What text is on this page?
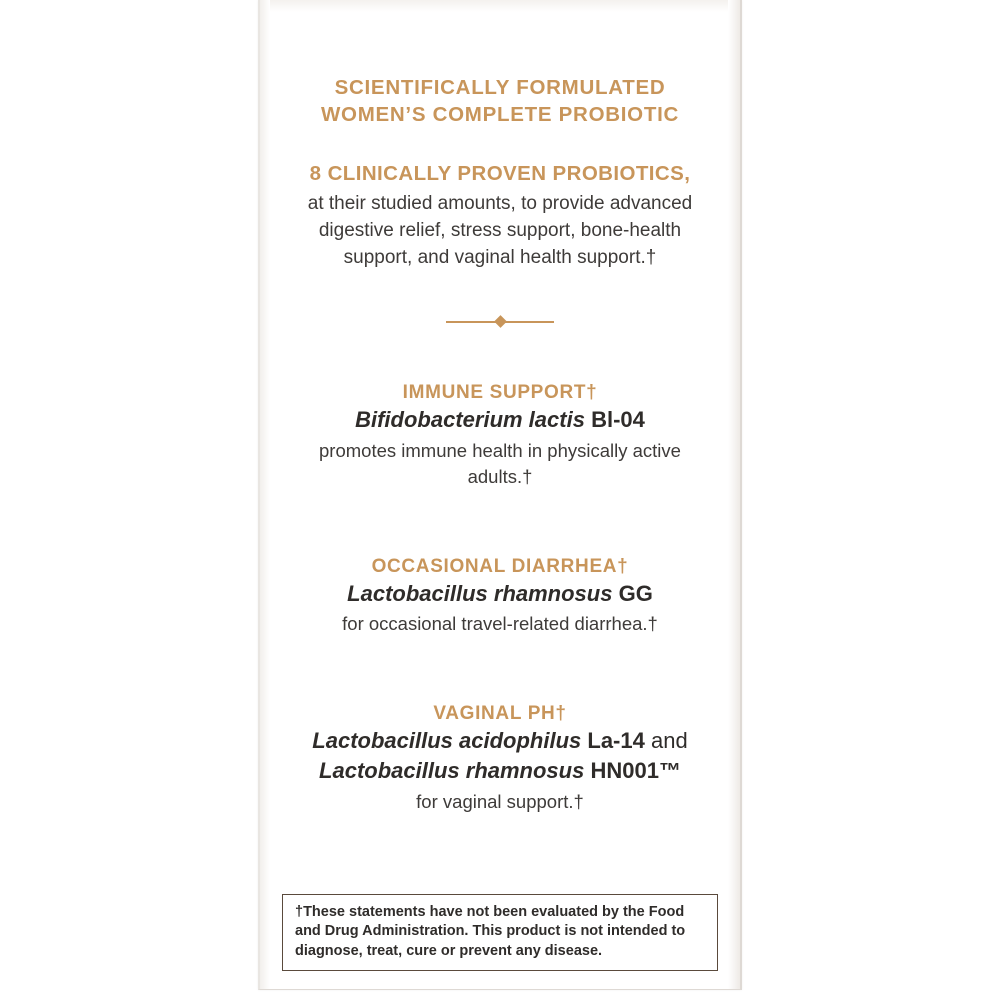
SCIENTIFICALLY FORMULATED WOMEN’S COMPLETE PROBIOTIC
8 CLINICALLY PROVEN PROBIOTICS,
at their studied amounts, to provide advanced digestive relief, stress support, bone-health support, and vaginal health support.†
IMMUNE SUPPORT†
Bifidobacterium lactis Bl-04
promotes immune health in physically active adults.†
OCCASIONAL DIARRHEA†
Lactobacillus rhamnosus GG
for occasional travel-related diarrhea.†
VAGINAL PH†
Lactobacillus acidophilus La-14 and
Lactobacillus rhamnosus HN001™
for vaginal support.†
†These statements have not been evaluated by the Food and Drug Administration. This product is not intended to diagnose, treat, cure or prevent any disease.
